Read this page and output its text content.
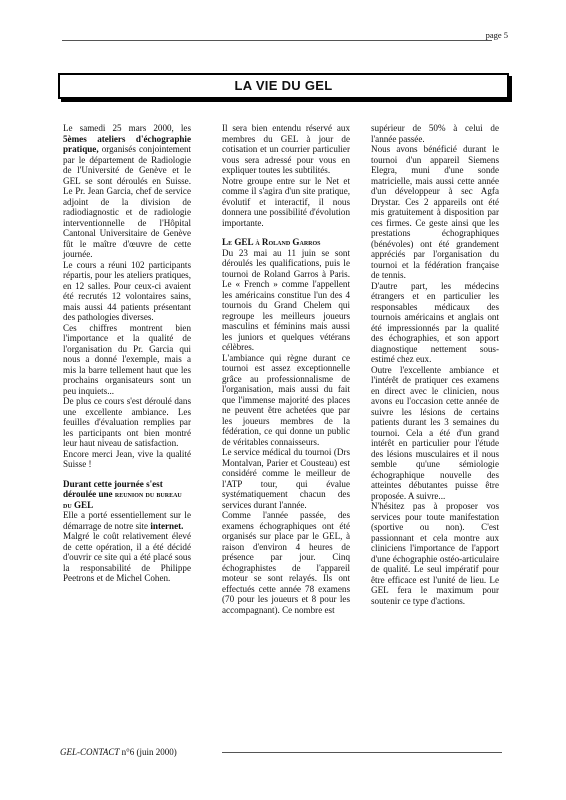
page 5
LA VIE DU GEL

Le samedi 25 mars 2000, les 5èmes ateliers d'échographie pratique, organisés conjointement par le département de Radiologie de l'Université de Genève et le GEL se sont déroulés en Suisse. Le Pr. Jean Garcia, chef de service adjoint de la division de radiodiagnostic et de radiologie interventionnelle de l'Hôpital Cantonal Universitaire de Genève fût le maître d'œuvre de cette journée.

Le cours a réuni 102 participants répartis, pour les ateliers pratiques, en 12 salles. Pour ceux-ci avaient été recrutés 12 volontaires sains, mais aussi 44 patients présentant des pathologies diverses.

Ces chiffres montrent bien l'importance et la qualité de l'organisation du Pr. Garcia qui nous a donné l'exemple, mais a mis la barre tellement haut que les prochains organisateurs sont un peu inquiets...

De plus ce cours s'est déroulé dans une excellente ambiance. Les feuilles d'évaluation remplies par les participants ont bien montré leur haut niveau de satisfaction.

Encore merci Jean, vive la qualité Suisse !

Durant cette journée s'est déroulée une reunion du bureau du GEL

Elle a porté essentiellement sur le démarrage de notre site internet.

Malgré le coût relativement élevé de cette opération, il a été décidé d'ouvrir ce site qui a été placé sous la responsabilité de Philippe Peetrons et de Michel Cohen.

Il sera bien entendu réservé aux membres du GEL à jour de cotisation et un courrier particulier vous sera adressé pour vous en expliquer toutes les subtilités.

Notre groupe entre sur le Net et comme il s'agira d'un site pratique, évolutif et interactif, il nous donnera une possibilité d'évolution importante.

Le GEL à Roland Garros

Du 23 mai au 11 juin se sont déroulés les qualifications, puis le tournoi de Roland Garros à Paris. Le « French » comme l'appellent les américains constitue l'un des 4 tournois du Grand Chelem qui regroupe les meilleurs joueurs masculins et féminins mais aussi les juniors et quelques vétérans célèbres.

L'ambiance qui règne durant ce tournoi est assez exceptionnelle grâce au professionnalisme de l'organisation, mais aussi du fait que l'immense majorité des places ne peuvent être achetées que par les joueurs membres de la fédération, ce qui donne un public de véritables connaisseurs.

Le service médical du tournoi (Drs Montalvan, Parier et Cousteau) est considéré comme le meilleur de l'ATP tour, qui évalue systématiquement chacun des services durant l'année.

Comme l'année passée, des examens échographiques ont été organisés sur place par le GEL, à raison d'environ 4 heures de présence par jour. Cinq échographistes de l'appareil moteur se sont relayés. Ils ont effectués cette année 78 examens (70 pour les joueurs et 8 pour les accompagnant). Ce nombre est

supérieur de 50% à celui de l'année passée.

Nous avons bénéficié durant le tournoi d'un appareil Siemens Elegra, muni d'une sonde matricielle, mais aussi cette année d'un développeur à sec Agfa Drystar. Ces 2 appareils ont été mis gratuitement à disposition par ces firmes. Ce geste ainsi que les prestations échographiques (bénévoles) ont été grandement appréciés par l'organisation du tournoi et la fédération française de tennis.

D'autre part, les médecins étrangers et en particulier les responsables médicaux des tournois américains et anglais ont été impressionnés par la qualité des échographies, et son apport diagnostique nettement sous-estimé chez eux.

Outre l'excellente ambiance et l'intérêt de pratiquer ces examens en direct avec le clinicien, nous avons eu l'occasion cette année de suivre les lésions de certains patients durant les 3 semaines du tournoi. Cela a été d'un grand intérêt en particulier pour l'étude des lésions musculaires et il nous semble qu'une sémiologie échographique nouvelle des atteintes débutantes puisse être proposée. A suivre...

N'hésitez pas à proposer vos services pour toute manifestation (sportive ou non). C'est passionnant et cela montre aux cliniciens l'importance de l'apport d'une échographie ostéo-articulaire de qualité. Le seul impératif pour être efficace est l'unité de lieu. Le GEL fera le maximum pour soutenir ce type d'actions.

GEL-CONTACT n°6 (juin 2000)
